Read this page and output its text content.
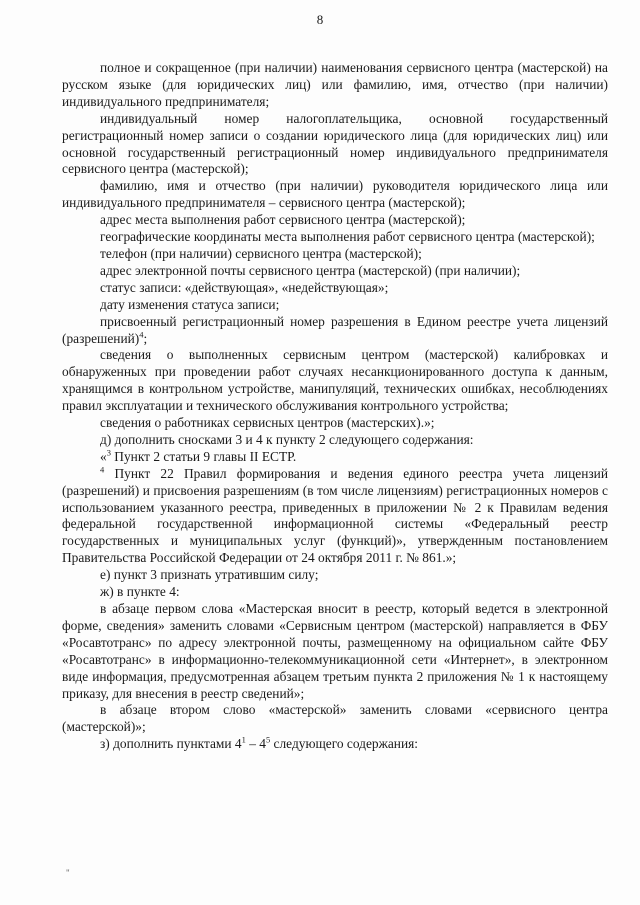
8

полное и сокращенное (при наличии) наименования сервисного центра (мастерской) на русском языке (для юридических лиц) или фамилию, имя, отчество (при наличии) индивидуального предпринимателя;

индивидуальный номер налогоплательщика, основной государственный регистрационный номер записи о создании юридического лица (для юридических лиц) или основной государственный регистрационный номер индивидуального предпринимателя сервисного центра (мастерской);

фамилию, имя и отчество (при наличии) руководителя юридического лица или индивидуального предпринимателя – сервисного центра (мастерской);

адрес места выполнения работ сервисного центра (мастерской);

географические координаты места выполнения работ сервисного центра (мастерской);

телефон (при наличии) сервисного центра (мастерской);

адрес электронной почты сервисного центра (мастерской) (при наличии);

статус записи: «действующая», «недействующая»;

дату изменения статуса записи;

присвоенный регистрационный номер разрешения в Едином реестре учета лицензий (разрешений)$^4$;

сведения о выполненных сервисным центром (мастерской) калибровках и обнаруженных при проведении работ случаях несанкционированного доступа к данным, хранящимся в контрольном устройстве, манипуляций, технических ошибках, несоблюдениях правил эксплуатации и технического обслуживания контрольного устройства;

сведения о работниках сервисных центров (мастерских).»;

д) дополнить сносками 3 и 4 к пункту 2 следующего содержания:

«$^3$ Пункт 2 статьи 9 главы II ЕСТР.

$^4$ Пункт 22 Правил формирования и ведения единого реестра учета лицензий (разрешений) и присвоения разрешениям (в том числе лицензиям) регистрационных номеров с использованием указанного реестра, приведенных в приложении № 2 к Правилам ведения федеральной государственной информационной системы «Федеральный реестр государственных и муниципальных услуг (функций)», утвержденным постановлением Правительства Российской Федерации от 24 октября 2011 г. № 861.»;

е) пункт 3 признать утратившим силу;

ж) в пункте 4:

в абзаце первом слова «Мастерская вносит в реестр, который ведется в электронной форме, сведения» заменить словами «Сервисным центром (мастерской) направляется в ФБУ «Росавтотранс» по адресу электронной почты, размещенному на официальном сайте ФБУ «Росавтотранс» в информационно-телекоммуникационной сети «Интернет», в электронном виде информация, предусмотренная абзацем третьим пункта 2 приложения № 1 к настоящему приказу, для внесения в реестр сведений»;

в абзаце втором слово «мастерской» заменить словами «сервисного центра (мастерской)»;

з) дополнить пунктами $4^1 - 4^5$ следующего содержания:

"
